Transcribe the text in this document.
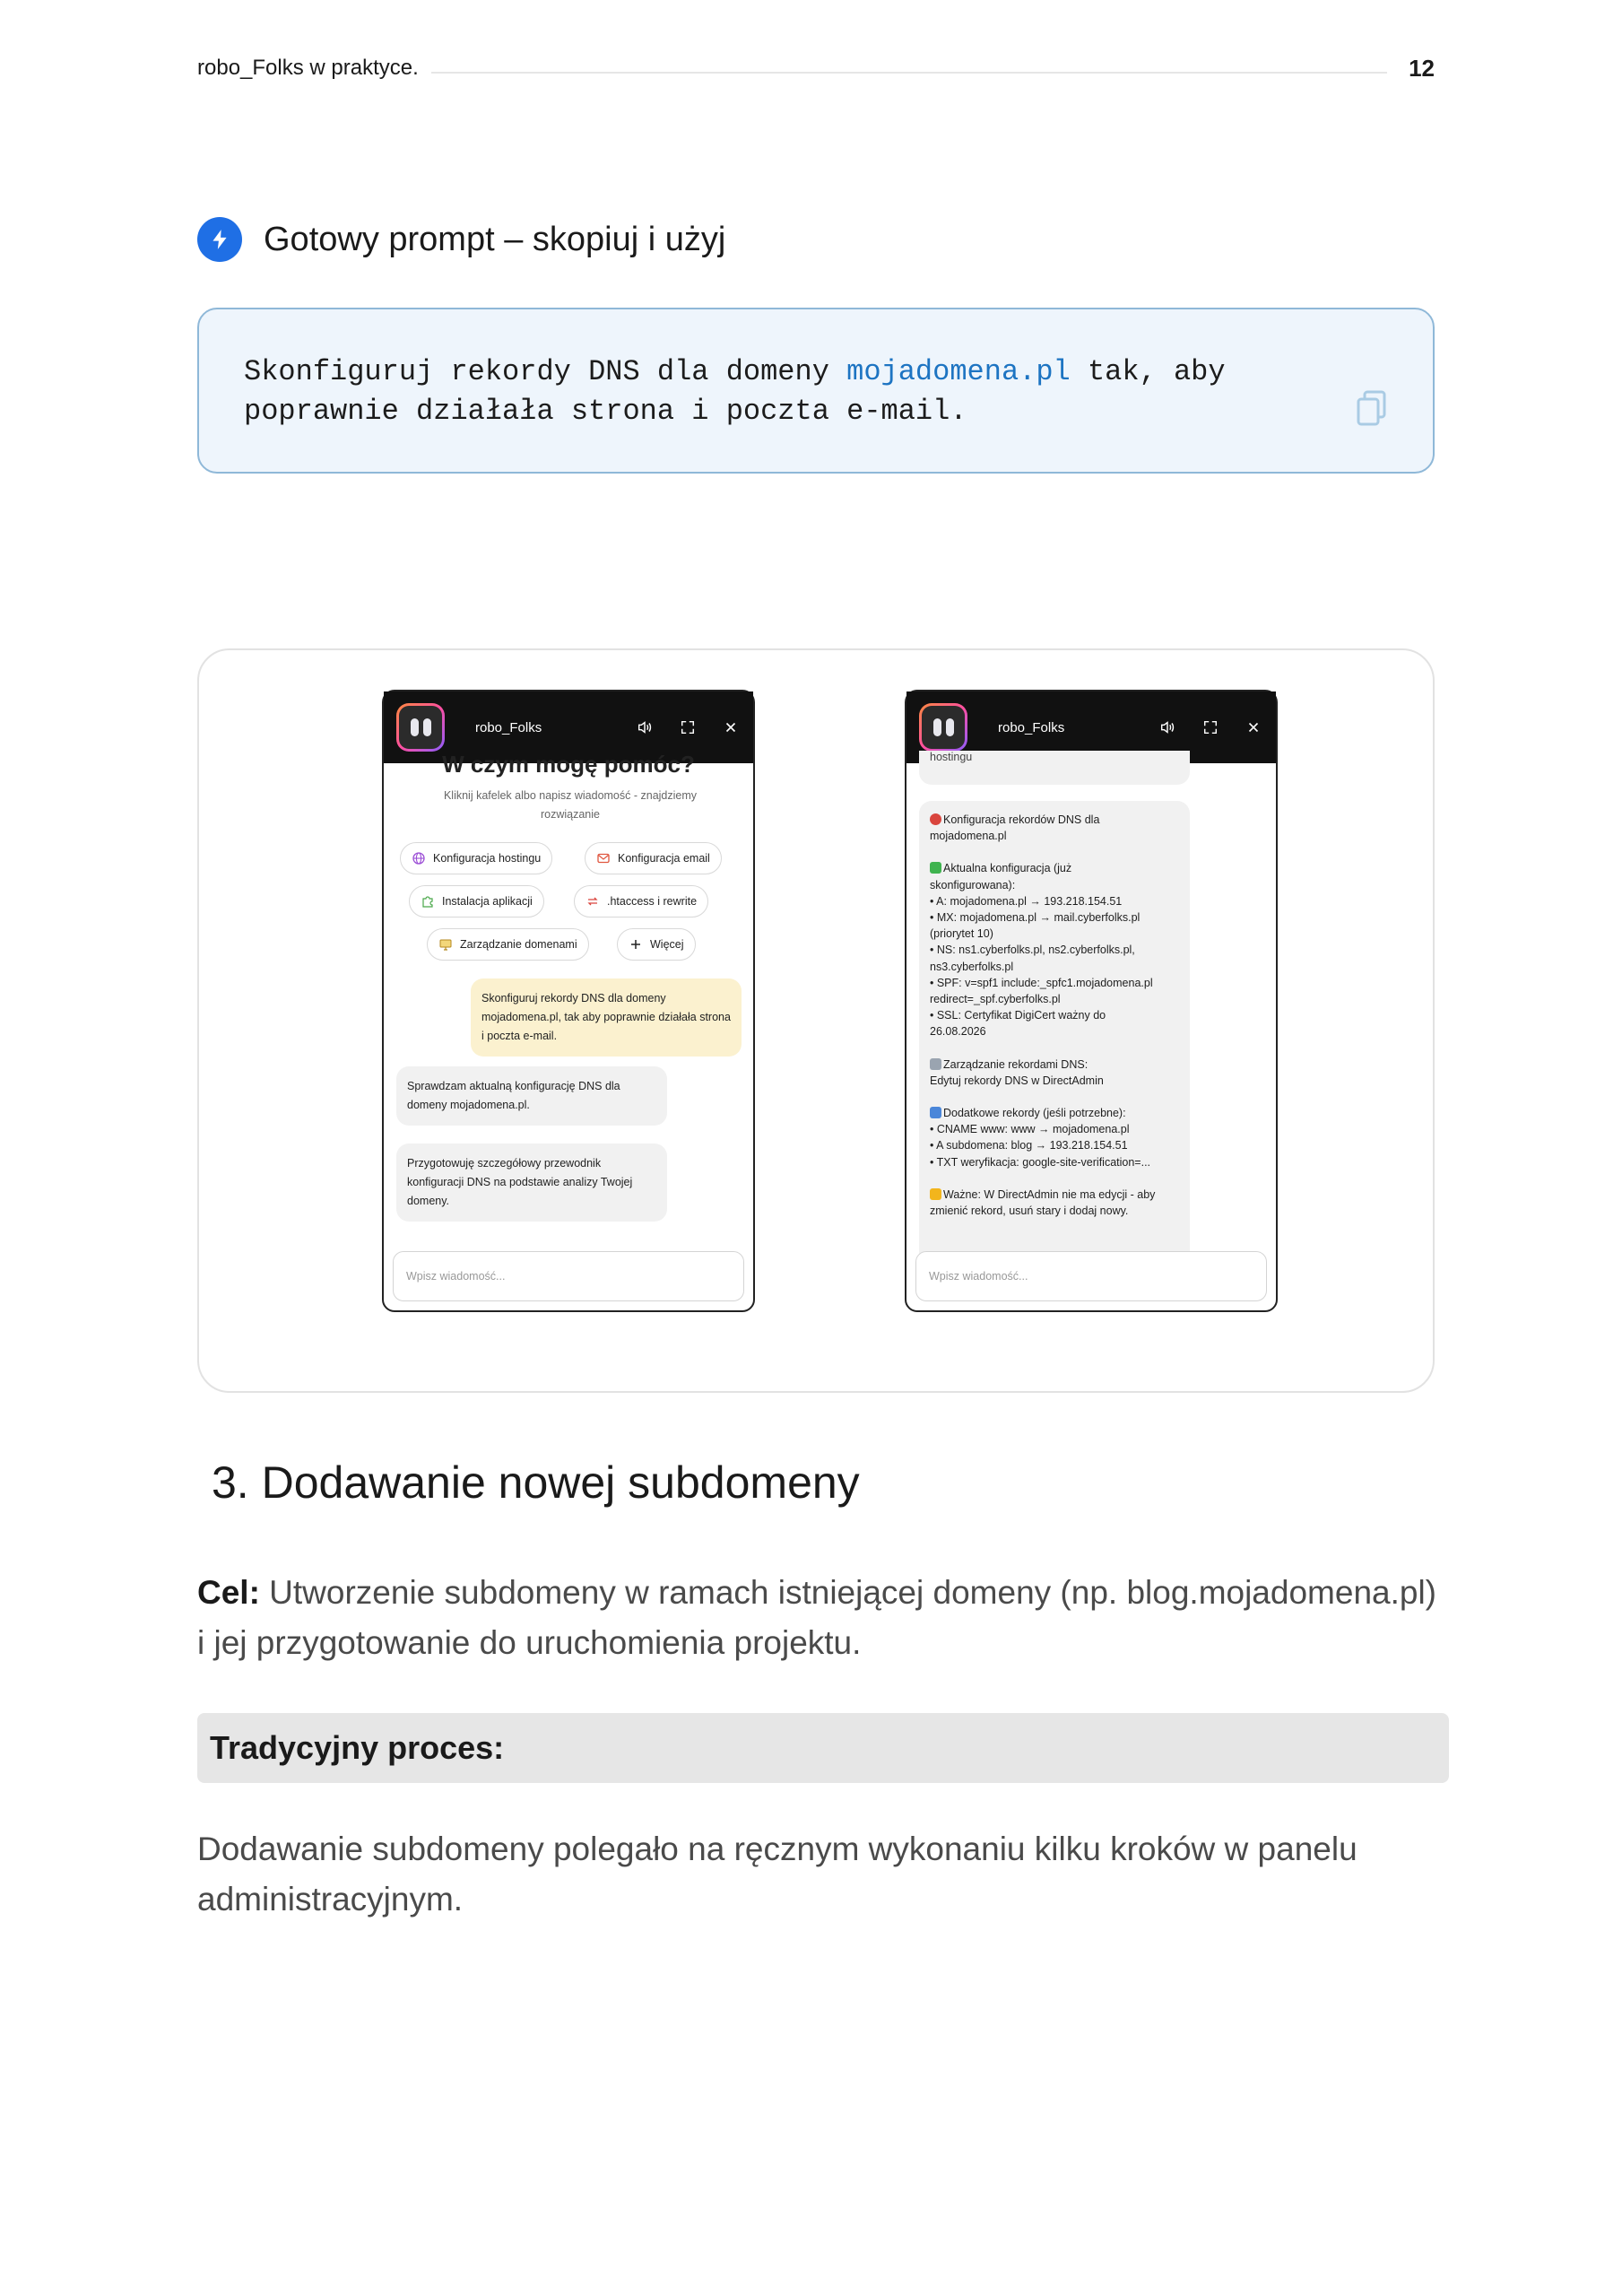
robo_Folks w praktyce.	12
Gotowy prompt – skopiuj i użyj
Skonfiguruj rekordy DNS dla domeny mojadomena.pl tak, aby
poprawnie działała strona i poczta e-mail.
robo_Folks
W czym mogę pomóc?
Kliknij kafelek albo napisz wiadomość - znajdziemy rozwiązanie
Konfiguracja hostingu	Konfiguracja email
Instalacja aplikacji	.htaccess i rewrite
Zarządzanie domenami	Więcej
Skonfiguruj rekordy DNS dla domeny mojadomena.pl, tak aby poprawnie działała strona i poczta e-mail.
Sprawdzam aktualną konfigurację DNS dla domeny mojadomena.pl.
Przygotowuję szczegółowy przewodnik konfiguracji DNS na podstawie analizy Twojej domeny.
Wpisz wiadomość...
robo_Folks
hostingu
Konfiguracja rekordów DNS dla
mojadomena.pl
Aktualna konfiguracja (już
skonfigurowana):
• A: mojadomena.pl → 193.218.154.51
• MX: mojadomena.pl → mail.cyberfolks.pl
(priorytet 10)
• NS: ns1.cyberfolks.pl, ns2.cyberfolks.pl,
ns3.cyberfolks.pl
• SPF: v=spf1 include:_spfc1.mojadomena.pl
redirect=_spf.cyberfolks.pl
• SSL: Certyfikat DigiCert ważny do
26.08.2026
Zarządzanie rekordami DNS:
Edytuj rekordy DNS w DirectAdmin
Dodatkowe rekordy (jeśli potrzebne):
• CNAME www: www → mojadomena.pl
• A subdomena: blog → 193.218.154.51
• TXT weryfikacja: google-site-verification=...
Ważne: W DirectAdmin nie ma edycji - aby
zmienić rekord, usuń stary i dodaj nowy.
Wpisz wiadomość...
3. Dodawanie nowej subdomeny
Cel: Utworzenie subdomeny w ramach istniejącej domeny (np. blog.mojadomena.pl) i jej przygotowanie do uruchomienia projektu.
Tradycyjny proces:
Dodawanie subdomeny polegało na ręcznym wykonaniu kilku kroków w panelu administracyjnym.
